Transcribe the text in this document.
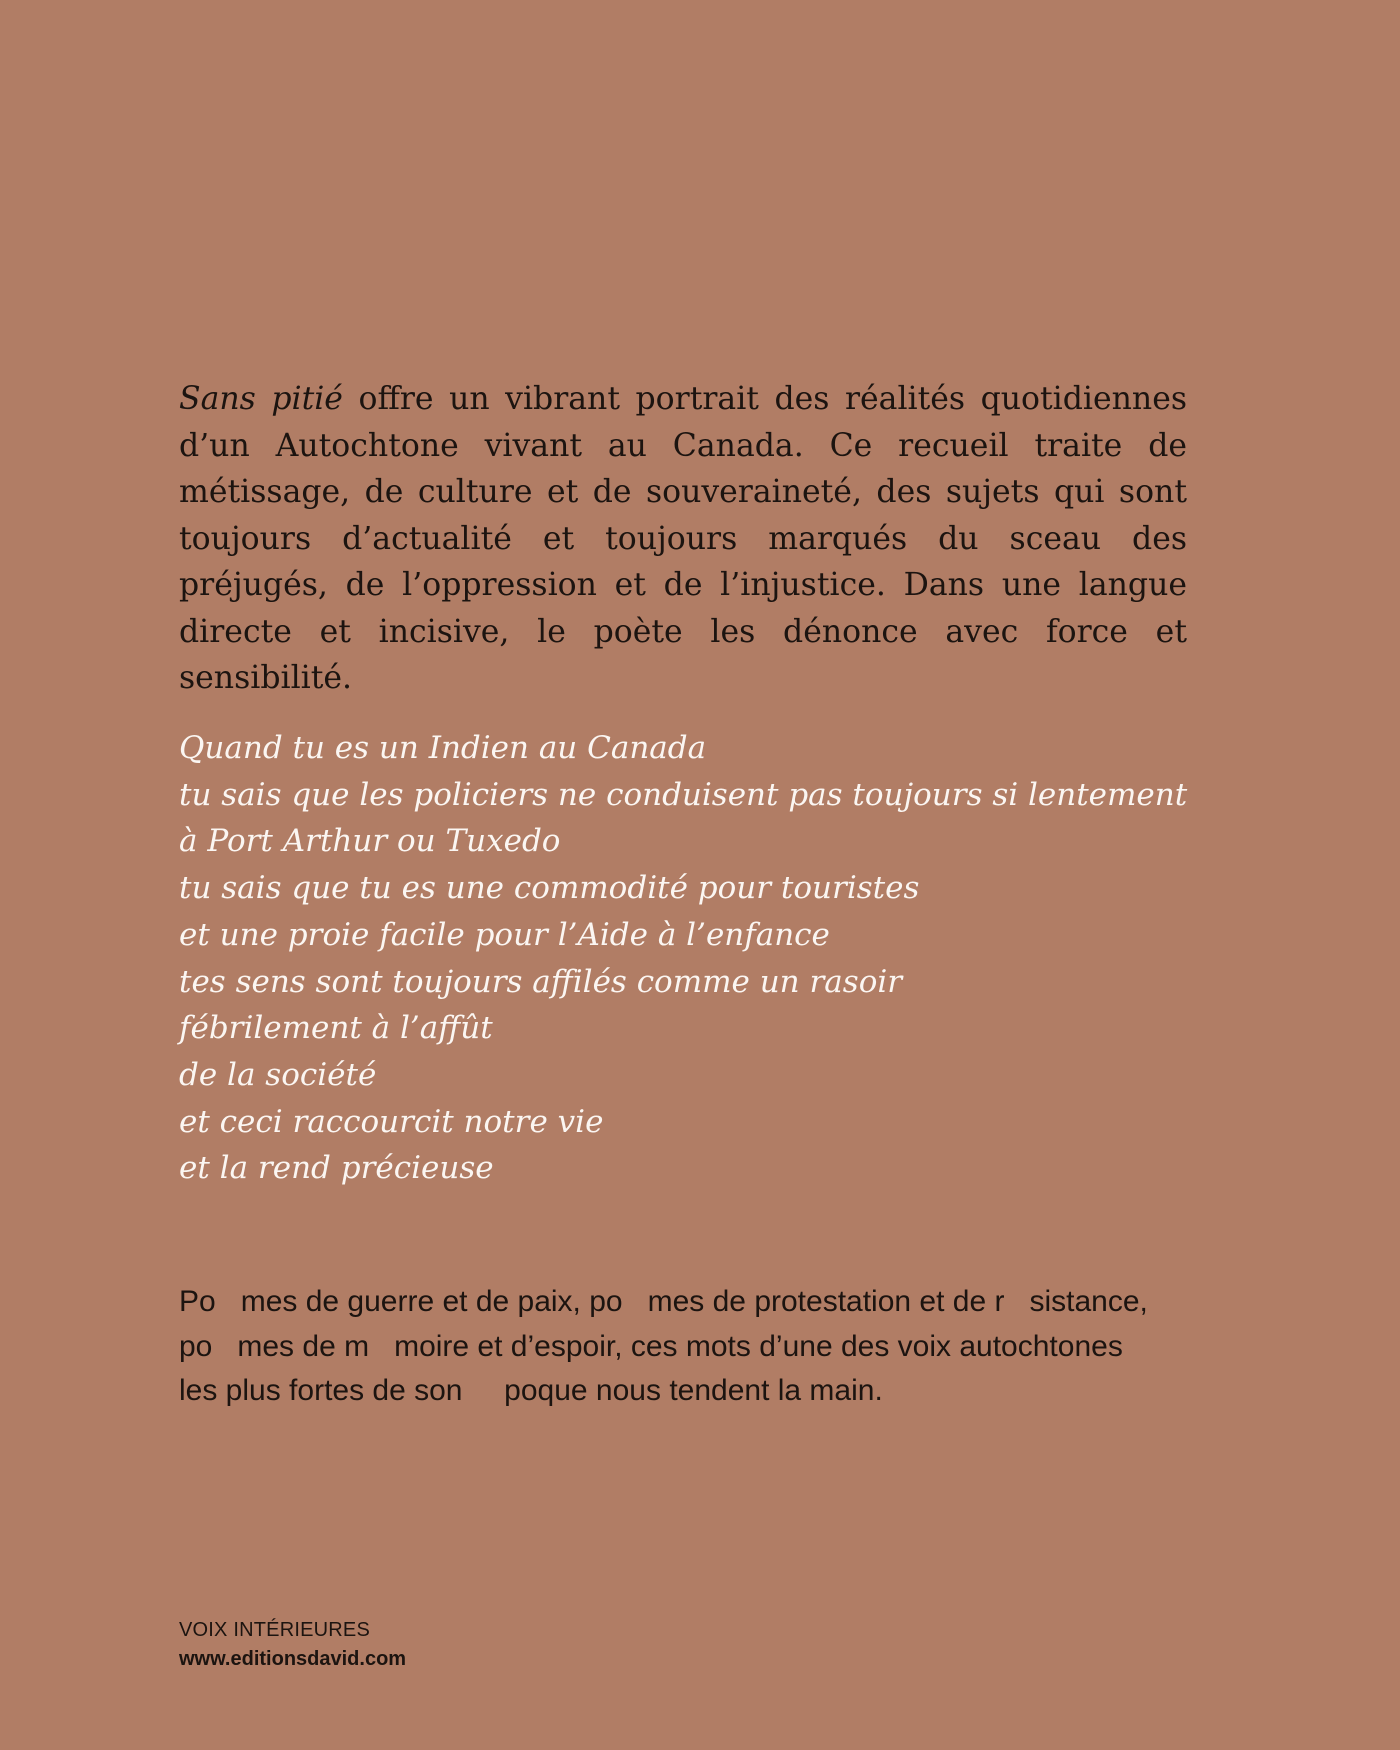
Sans pitié offre un vibrant portrait des réalités quotidiennes d’un Autochtone vivant au Canada. Ce recueil traite de métissage, de culture et de souveraineté, des sujets qui sont toujours d’actualité et toujours marqués du sceau des préjugés, de l’oppression et de l’injustice. Dans une langue directe et incisive, le poète les dénonce avec force et sensibilité.

Quand tu es un Indien au Canada
tu sais que les policiers ne conduisent pas toujours si lentement
à Port Arthur ou Tuxedo
tu sais que tu es une commodité pour touristes
et une proie facile pour l’Aide à l’enfance
tes sens sont toujours affilés comme un rasoir
fébrilement à l’affût
de la société
et ceci raccourcit notre vie
et la rend précieuse
Po   mes de guerre et de paix, po   mes de protestation et de r   sistance,
po   mes de m   moire et d’espoir, ces mots d’une des voix autochtones
les plus fortes de son     poque nous tendent la main.
VOIX INTÉRIEURES
www.editionsdavid.com
